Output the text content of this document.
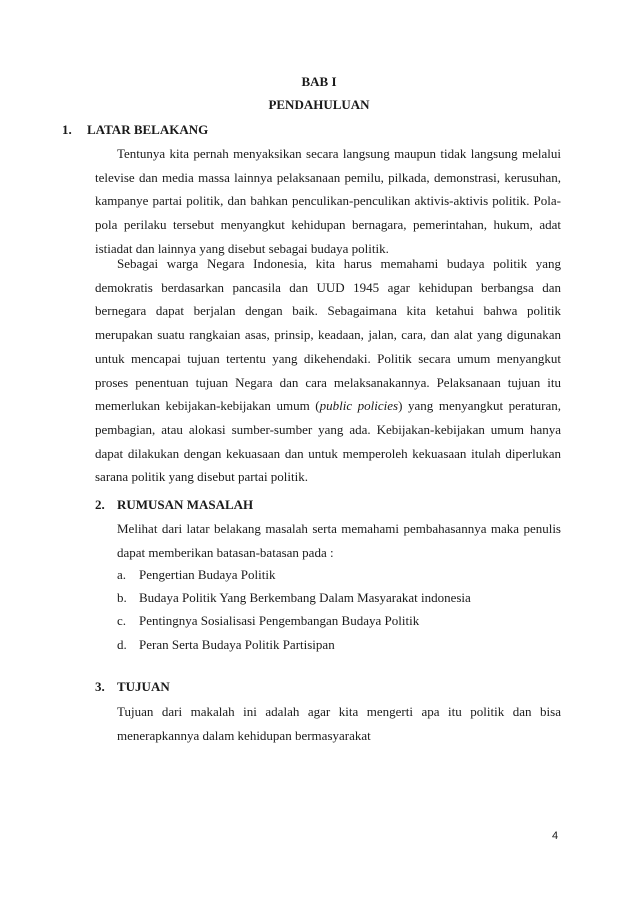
BAB I
PENDAHULUAN
1. LATAR BELAKANG
Tentunya kita pernah menyaksikan secara langsung maupun tidak langsung melalui televise dan media massa lainnya pelaksanaan pemilu, pilkada, demonstrasi, kerusuhan, kampanye partai politik, dan bahkan penculikan-penculikan aktivis-aktivis politik. Pola-pola perilaku tersebut menyangkut kehidupan bernagara, pemerintahan, hukum, adat istiadat dan lainnya yang disebut sebagai budaya politik.
Sebagai warga Negara Indonesia, kita harus memahami budaya politik yang demokratis berdasarkan pancasila dan UUD 1945 agar kehidupan berbangsa dan bernegara dapat berjalan dengan baik. Sebagaimana kita ketahui bahwa politik merupakan suatu rangkaian asas, prinsip, keadaan, jalan, cara, dan alat yang digunakan untuk mencapai tujuan tertentu yang dikehendaki. Politik secara umum menyangkut proses penentuan tujuan Negara dan cara melaksanakannya. Pelaksanaan tujuan itu memerlukan kebijakan-kebijakan umum (public policies) yang menyangkut peraturan, pembagian, atau alokasi sumber-sumber yang ada. Kebijakan-kebijakan umum hanya dapat dilakukan dengan kekuasaan dan untuk memperoleh kekuasaan itulah diperlukan sarana politik yang disebut partai politik.
2. RUMUSAN MASALAH
Melihat dari latar belakang masalah serta memahami pembahasannya maka penulis dapat memberikan batasan-batasan pada :
a. Pengertian Budaya Politik
b. Budaya Politik Yang Berkembang Dalam Masyarakat indonesia
c. Pentingnya Sosialisasi Pengembangan Budaya Politik
d. Peran Serta Budaya Politik Partisipan
3. TUJUAN
Tujuan dari makalah ini adalah agar kita mengerti apa itu politik dan bisa menerapkannya dalam kehidupan bermasyarakat
4
